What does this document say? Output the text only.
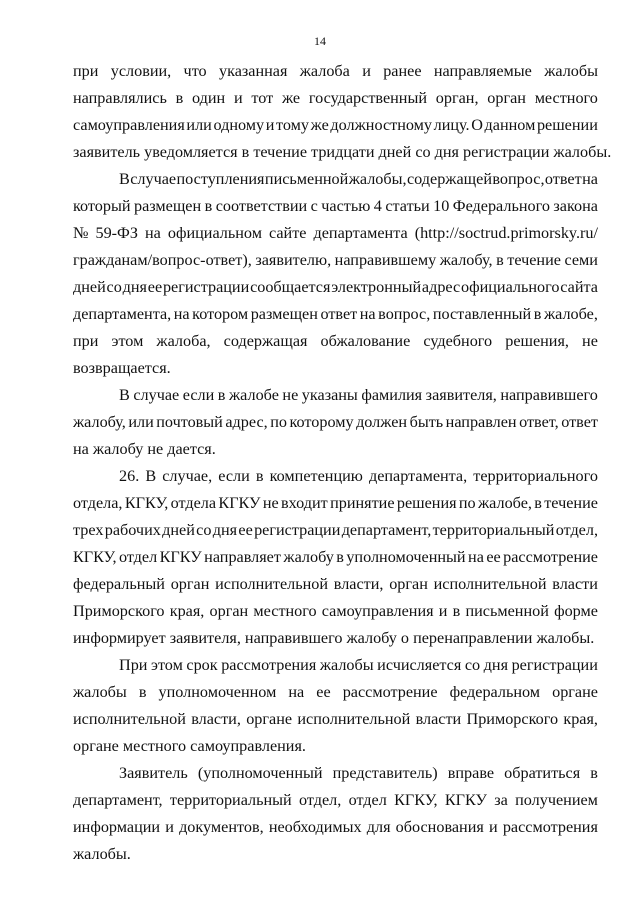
14
при условии, что указанная жалоба и ранее направляемые жалобы
направлялись в один и тот же государственный орган, орган местного
самоуправления или одному и тому же должностному лицу. О данном решении
заявитель уведомляется в течение тридцати дней со дня регистрации жалобы.
В случае поступления письменной жалобы, содержащей вопрос, ответ на
который размещен в соответствии с частью 4 статьи 10 Федерального закона
№ 59-ФЗ на официальном сайте департамента (http://soctrud.primorsky.ru/
гражданам/вопрос-ответ), заявителю, направившему жалобу, в течение семи
дней со дня ее регистрации сообщается электронный адрес официального сайта
департамента, на котором размещен ответ на вопрос, поставленный в жалобе,
при этом жалоба, содержащая обжалование судебного решения, не
возвращается.
В случае если в жалобе не указаны фамилия заявителя, направившего
жалобу, или почтовый адрес, по которому должен быть направлен ответ, ответ
на жалобу не дается.
26. В случае, если в компетенцию департамента, территориального
отдела, КГКУ, отдела КГКУ не входит принятие решения по жалобе, в течение
трех рабочих дней со дня ее регистрации департамент, территориальный отдел,
КГКУ, отдел КГКУ направляет жалобу в уполномоченный на ее рассмотрение
федеральный орган исполнительной власти, орган исполнительной власти
Приморского края, орган местного самоуправления и в письменной форме
информирует заявителя, направившего жалобу о перенаправлении жалобы.
При этом срок рассмотрения жалобы исчисляется со дня регистрации
жалобы в уполномоченном на ее рассмотрение федеральном органе
исполнительной власти, органе исполнительной власти Приморского края,
органе местного самоуправления.
Заявитель (уполномоченный представитель) вправе обратиться в
департамент, территориальный отдел, отдел КГКУ, КГКУ за получением
информации и документов, необходимых для обоснования и рассмотрения
жалобы.
